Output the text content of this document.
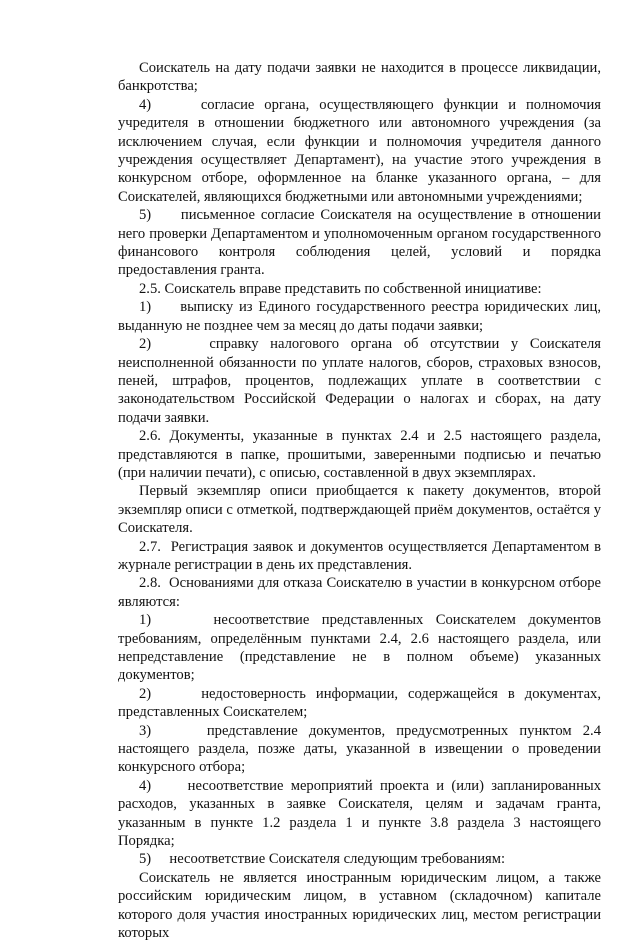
Соискатель на дату подачи заявки не находится в процессе ликвидации, банкротства;

4)     согласие органа, осуществляющего функции и полномочия учредителя в отношении бюджетного или автономного учреждения (за исключением случая, если функции и полномочия учредителя данного учреждения осуществляет Департамент), на участие этого учреждения в конкурсном отборе, оформленное на бланке указанного органа, – для Соискателей, являющихся бюджетными или автономными учреждениями;

5)     письменное согласие Соискателя на осуществление в отношении него проверки Департаментом и уполномоченным органом государственного финансового контроля соблюдения целей, условий и порядка предоставления гранта.

2.5. Соискатель вправе представить по собственной инициативе:

1)     выписку из Единого государственного реестра юридических лиц, выданную не позднее чем за месяц до даты подачи заявки;

2)     справку налогового органа об отсутствии у Соискателя неисполненной обязанности по уплате налогов, сборов, страховых взносов, пеней, штрафов, процентов, подлежащих уплате в соответствии с законодательством Российской Федерации о налогах и сборах, на дату подачи заявки.

2.6. Документы, указанные в пунктах 2.4 и 2.5 настоящего раздела, представляются в папке, прошитыми, заверенными подписью и печатью (при наличии печати), с описью, составленной в двух экземплярах.

Первый экземпляр описи приобщается к пакету документов, второй экземпляр описи с отметкой, подтверждающей приём документов, остаётся у Соискателя.

2.7.  Регистрация заявок и документов осуществляется Департаментом в журнале регистрации в день их представления.

2.8.  Основаниями для отказа Соискателю в участии в конкурсном отборе являются:

1)     несоответствие представленных Соискателем документов требованиям, определённым пунктами 2.4, 2.6 настоящего раздела, или непредставление (представление не в полном объеме) указанных документов;

2)     недостоверность информации, содержащейся в документах, представленных Соискателем;

3)     представление документов, предусмотренных пунктом 2.4 настоящего раздела, позже даты, указанной в извещении о проведении конкурсного отбора;

4)     несоответствие мероприятий проекта и (или) запланированных расходов, указанных в заявке Соискателя, целям и задачам гранта, указанным в пункте 1.2 раздела 1 и пункте 3.8 раздела 3 настоящего Порядка;

5)     несоответствие Соискателя следующим требованиям:

Соискатель не является иностранным юридическим лицом, а также российским юридическим лицом, в уставном (складочном) капитале которого доля участия иностранных юридических лиц, местом регистрации которых
